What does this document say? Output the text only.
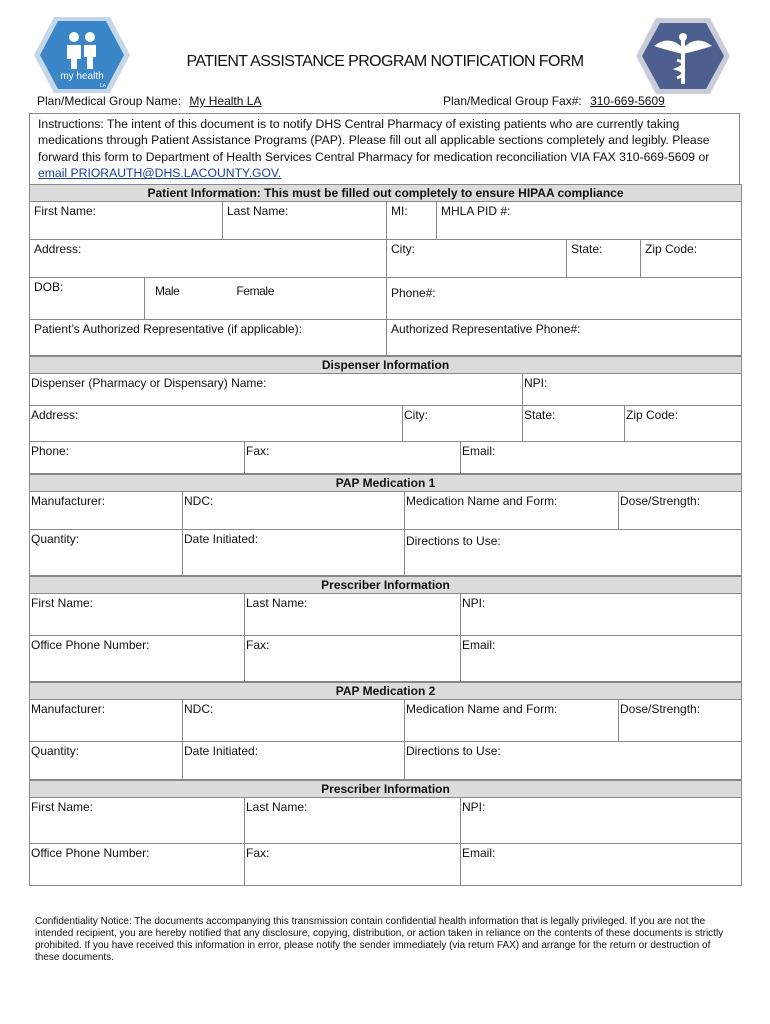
my health
LA
PATIENT ASSISTANCE PROGRAM NOTIFICATION FORM
Plan/Medical Group Name: My Health LA	Plan/Medical Group Fax#: 310-669-5609
Instructions: The intent of this document is to notify DHS Central Pharmacy of existing patients who are currently taking medications through Patient Assistance Programs (PAP). Please fill out all applicable sections completely and legibly. Please forward this form to Department of Health Services Central Pharmacy for medication reconciliation VIA FAX 310-669-5609 or
email PRIORAUTH@DHS.LACOUNTY.GOV.
Patient Information: This must be filled out completely to ensure HIPAA compliance
First Name:	Last Name:	MI:	MHLA PID #:
Address:	City:	State:	Zip Code:
DOB:	Male	Female	Phone#:
Patient’s Authorized Representative (if applicable):	Authorized Representative Phone#:
Dispenser Information
Dispenser (Pharmacy or Dispensary) Name:	NPI:
Address:	City:	State:	Zip Code:
Phone:	Fax:	Email:
PAP Medication 1
Manufacturer:	NDC:	Medication Name and Form:	Dose/Strength:
Quantity:	Date Initiated:	Directions to Use:
Prescriber Information
First Name:	Last Name:	NPI:
Office Phone Number:	Fax:	Email:
PAP Medication 2
Manufacturer:	NDC:	Medication Name and Form:	Dose/Strength:
Quantity:	Date Initiated:	Directions to Use:
Prescriber Information
First Name:	Last Name:	NPI:
Office Phone Number:	Fax:	Email:
Confidentiality Notice: The documents accompanying this transmission contain confidential health information that is legally privileged. If you are not the intended recipient, you are hereby notified that any disclosure, copying, distribution, or action taken in reliance on the contents of these documents is strictly prohibited. If you have received this information in error, please notify the sender immediately (via return FAX) and arrange for the return or destruction of these documents.
